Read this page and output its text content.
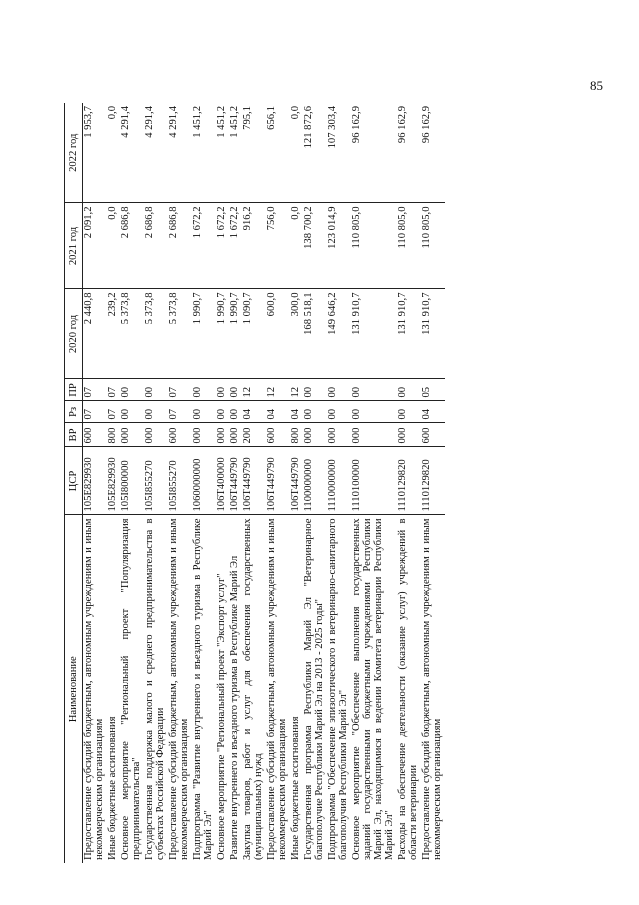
85
Наименование	ЦСР	ВР	Рз	ПР	2020 год	2021 год	2022 год
Предоставление субсидий бюджетным, автономным учреждениям и иным некоммерческим организациям	105E829930	600	07	07	2 440,8	2 091,2	1 953,7
Иные бюджетные ассигнования	105E829930	800	07	07	239,2	0,0	0,0
Основное мероприятие "Региональный проект "Популяризация предпринимательства"	105I800000	000	00	00	5 373,8	2 686,8	4 291,4
Государственная поддержка малого и среднего предпринимательства в субъектах Российской Федерации	105I855270	000	00	00	5 373,8	2 686,8	4 291,4
Предоставление субсидий бюджетным, автономным учреждениям и иным некоммерческим организациям	105I855270	600	07	07	5 373,8	2 686,8	4 291,4
Подпрограмма "Развитие внутреннего и въездного туризма в Республике Марий Эл"	1060000000	000	00	00	1 990,7	1 672,2	1 451,2
Основное мероприятие "Региональный проект "Экспорт услуг"	106T400000	000	00	00	1 990,7	1 672,2	1 451,2
Развитие внутреннего и въездного туризма в Республике Марий Эл	106T449790	000	00	00	1 990,7	1 672,2	1 451,2
Закупка товаров, работ и услуг для обеспечения государственных (муниципальных) нужд	106T449790	200	04	12	1 090,7	916,2	795,1
Предоставление субсидий бюджетным, автономным учреждениям и иным некоммерческим организациям	106T449790	600	04	12	600,0	756,0	656,1
Иные бюджетные ассигнования	106T449790	800	04	12	300,0	0,0	0,0
Государственная программа Республики Марий Эл "Ветеринарное благополучие Республики Марий Эл на 2013 - 2025 годы"	1100000000	000	00	00	168 518,1	138 700,2	121 872,6
Подпрограмма "Обеспечение эпизоотического и ветеринарно-санитарного благополучия Республики Марий Эл"	1110000000	000	00	00	149 646,2	123 014,9	107 303,4
Основное мероприятие "Обеспечение выполнения государственных заданий государственными бюджетными учреждениями Республики Марий Эл, находящимися в ведении Комитета ветеринарии Республики Марий Эл"	1110100000	000	00	00	131 910,7	110 805,0	96 162,9
Расходы на обеспечение деятельности (оказание услуг) учреждений в области ветеринарии	1110129820	000	00	00	131 910,7	110 805,0	96 162,9
Предоставление субсидий бюджетным, автономным учреждениям и иным некоммерческим организациям	1110129820	600	04	05	131 910,7	110 805,0	96 162,9
